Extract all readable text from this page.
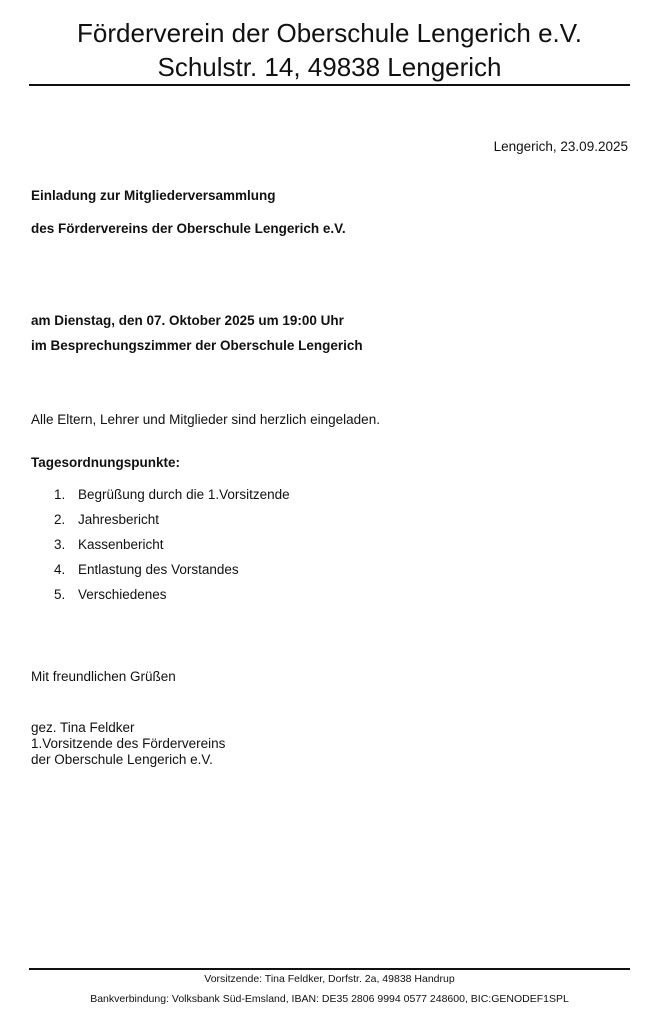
Förderverein der Oberschule Lengerich e.V.
Schulstr. 14, 49838 Lengerich
Lengerich, 23.09.2025
Einladung zur Mitgliederversammlung
des Fördervereins der Oberschule Lengerich e.V.
am Dienstag, den 07. Oktober 2025 um 19:00 Uhr
im Besprechungszimmer der Oberschule Lengerich
Alle Eltern, Lehrer und Mitglieder sind herzlich eingeladen.
Tagesordnungspunkte:
1. Begrüßung durch die 1.Vorsitzende
2. Jahresbericht
3. Kassenbericht
4. Entlastung des Vorstandes
5. Verschiedenes
Mit freundlichen Grüßen
gez. Tina Feldker
1.Vorsitzende des Fördervereins
der Oberschule Lengerich e.V.
Vorsitzende: Tina Feldker, Dorfstr. 2a, 49838 Handrup
Bankverbindung: Volksbank Süd-Emsland, IBAN: DE35 2806 9994 0577 248600, BIC:GENODEF1SPL
